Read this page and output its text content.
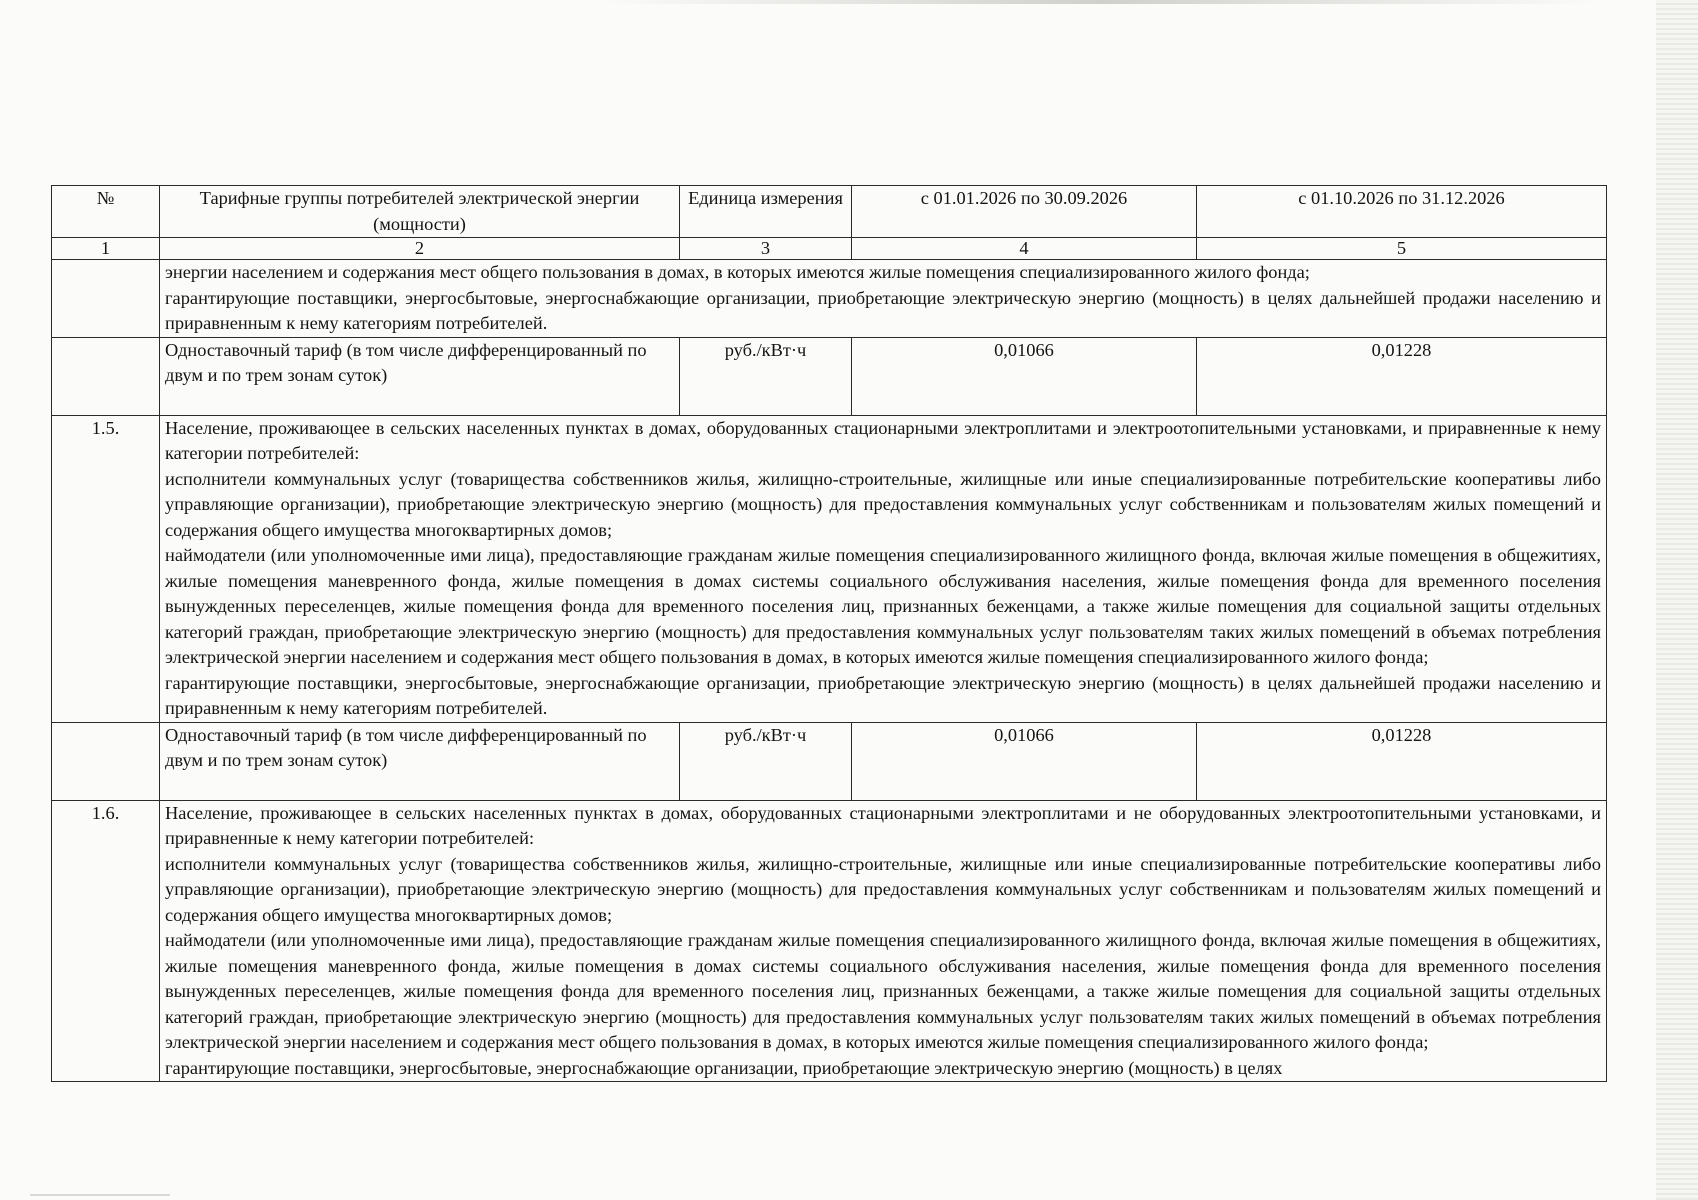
№	Тарифные группы потребителей электрической энергии (мощности)	Единица измерения	с 01.01.2026 по 30.09.2026	с 01.10.2026 по 31.12.2026
1	2	3	4	5

	энергии населением и содержания мест общего пользования в домах, в которых имеются жилые помещения специализированного жилого фонда;

гарантирующие поставщики, энергосбытовые, энергоснабжающие организации, приобретающие электрическую энергию (мощность) в целях дальнейшей продажи населению и приравненным к нему категориям потребителей.			

	Одноставочный тариф (в том числе дифференцированный по двум и по трем зонам суток)	руб./кВт·ч	0,01066	0,01228
1.5.	Население, проживающее в сельских населенных пунктах в домах, оборудованных стационарными электроплитами и электроотопительными установками, и приравненные к нему категории потребителей:

исполнители коммунальных услуг (товарищества собственников жилья, жилищно-строительные, жилищные или иные специализированные потребительские кооперативы либо управляющие организации), приобретающие электрическую энергию (мощность) для предоставления коммунальных услуг собственникам и пользователям жилых помещений и содержания общего имущества многоквартирных домов;

наймодатели (или уполномоченные ими лица), предоставляющие гражданам жилые помещения специализированного жилищного фонда, включая жилые помещения в общежитиях, жилые помещения маневренного фонда, жилые помещения в домах системы социального обслуживания населения, жилые помещения фонда для временного поселения вынужденных переселенцев, жилые помещения фонда для временного поселения лиц, признанных беженцами, а также жилые помещения для социальной защиты отдельных категорий граждан, приобретающие электрическую энергию (мощность) для предоставления коммунальных услуг пользователям таких жилых помещений в объемах потребления электрической энергии населением и содержания мест общего пользования в домах, в которых имеются жилые помещения специализированного жилого фонда;

гарантирующие поставщики, энергосбытовые, энергоснабжающие организации, приобретающие электрическую энергию (мощность) в целях дальнейшей продажи населению и приравненным к нему категориям потребителей.			

	Одноставочный тариф (в том числе дифференцированный по двум и по трем зонам суток)	руб./кВт·ч	0,01066	0,01228
1.6.	Население, проживающее в сельских населенных пунктах в домах, оборудованных стационарными электроплитами и не оборудованных электроотопительными установками, и приравненные к нему категории потребителей:

исполнители коммунальных услуг (товарищества собственников жилья, жилищно-строительные, жилищные или иные специализированные потребительские кооперативы либо управляющие организации), приобретающие электрическую энергию (мощность) для предоставления коммунальных услуг собственникам и пользователям жилых помещений и содержания общего имущества многоквартирных домов;

наймодатели (или уполномоченные ими лица), предоставляющие гражданам жилые помещения специализированного жилищного фонда, включая жилые помещения в общежитиях, жилые помещения маневренного фонда, жилые помещения в домах системы социального обслуживания населения, жилые помещения фонда для временного поселения вынужденных переселенцев, жилые помещения фонда для временного поселения лиц, признанных беженцами, а также жилые помещения для социальной защиты отдельных категорий граждан, приобретающие электрическую энергию (мощность) для предоставления коммунальных услуг пользователям таких жилых помещений в объемах потребления электрической энергии населением и содержания мест общего пользования в домах, в которых имеются жилые помещения специализированного жилого фонда;

гарантирующие поставщики, энергосбытовые, энергоснабжающие организации, приобретающие электрическую энергию (мощность) в целях			
